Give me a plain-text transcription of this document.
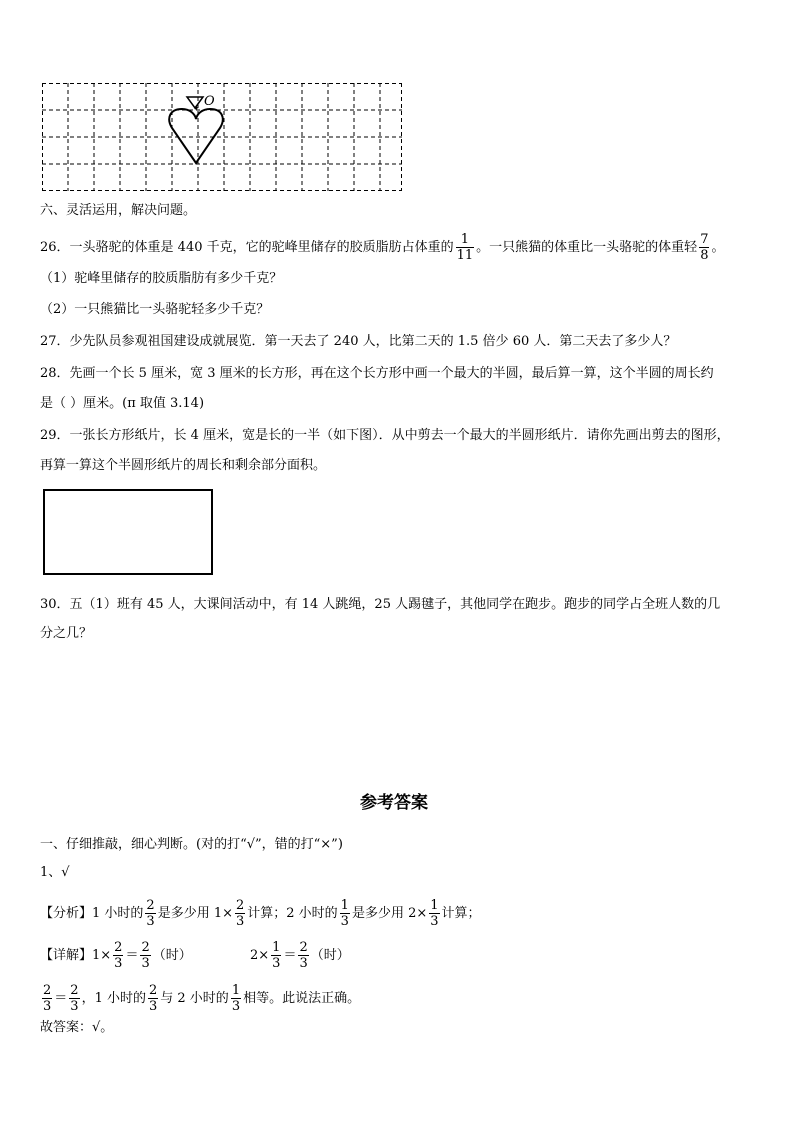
O
六、灵活运用，解决问题。
26．一头骆驼的体重是 440 千克，它的驼峰里储存的胶质脂肪占体重的 $\frac{1}{11}$ 。一只熊猫的体重比一头骆驼的体重轻 $\frac{7}{8}$ 。
（1）驼峰里储存的胶质脂肪有多少千克？
（2）一只熊猫比一头骆驼轻多少千克？
27．少先队员参观祖国建设成就展览．第一天去了 240 人，比第二天的 1.5 倍少 60 人．第二天去了多少人？
28．先画一个长 5 厘米，宽 3 厘米的长方形，再在这个长方形中画一个最大的半圆，最后算一算，这个半圆的周长约
是（ ）厘米。(π 取值 3.14)
29．一张长方形纸片，长 4 厘米，宽是长的一半（如下图）．从中剪去一个最大的半圆形纸片．请你先画出剪去的图形，
再算一算这个半圆形纸片的周长和剩余部分面积。
30．五（1）班有 45 人，大课间活动中，有 14 人跳绳，25 人踢毽子，其他同学在跑步。跑步的同学占全班人数的几
分之几？
参考答案
一、仔细推敲，细心判断。(对的打“√”，错的打“×”)
1、√
【分析】1 小时的 $\frac{2}{3}$ 是多少用 $1\times \frac{2}{3}$ 计算；2 小时的 $\frac{1}{3}$ 是多少用 $2\times \frac{1}{3}$ 计算；
【详解】$1\times \frac{2}{3} = \frac{2}{3}$ （时）	$2\times \frac{1}{3} = \frac{2}{3}$ （时）
$\frac{2}{3} = \frac{2}{3}$ ，1 小时的 $\frac{2}{3}$ 与 2 小时的 $\frac{1}{3}$ 相等。此说法正确。
故答案：√。
